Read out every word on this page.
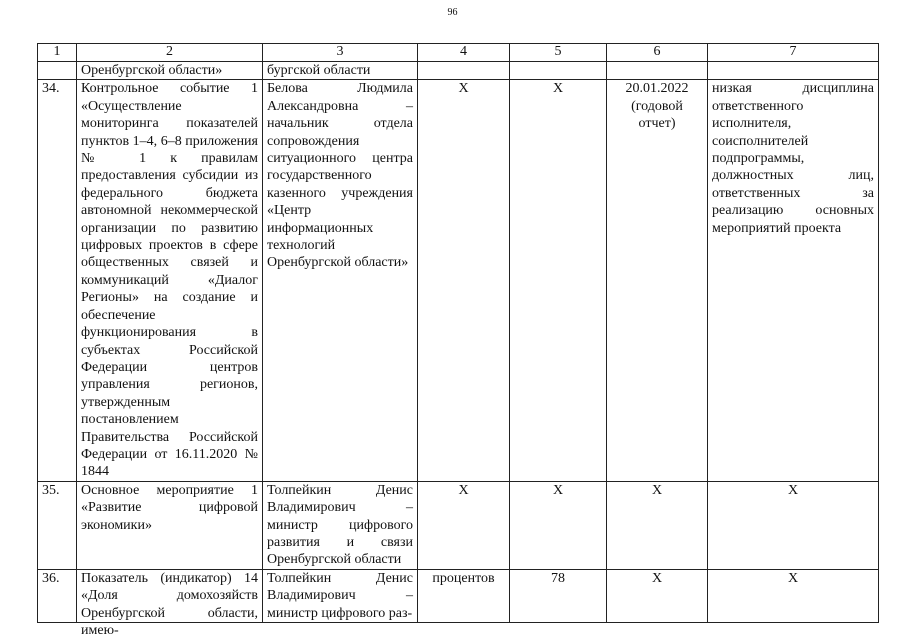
96
1	2	3	4	5	6	7
	Оренбургской области»	бургской области				
34.	Контрольное событие 1 «Осуществление мониторинга показателей пунктов 1–4, 6–8 приложения № 1 к правилам предоставления субсидии из федерального бюджета автономной некоммерческой организации по развитию цифровых проектов в сфере общественных связей и коммуникаций «Диалог Регионы» на создание и обеспечение функционирования в субъектах Российской Федерации центров управления регионов, утвержденным постановлением Правительства Российской Федерации от 16.11.2020 № 1844	Белова Людмила Александровна – начальник отдела сопровождения ситуационного центра государственного казенного учреждения «Центр информационных технологий Оренбургской области»	X	X	20.01.2022 (годовой отчет)	низкая дисциплина ответственного исполнителя, соисполнителей подпрограммы, должностных лиц, ответственных за реализацию основных мероприятий проекта
35.	Основное мероприятие 1 «Развитие цифровой экономики»	Толпейкин Денис Владимирович – министр цифрового развития и связи Оренбургской области	X	X	X	X
36.	Показатель (индикатор) 14 «Доля домохозяйств Оренбургской области, имею-	Толпейкин Денис Владимирович – министр цифрового раз-	процентов	78	X	X
